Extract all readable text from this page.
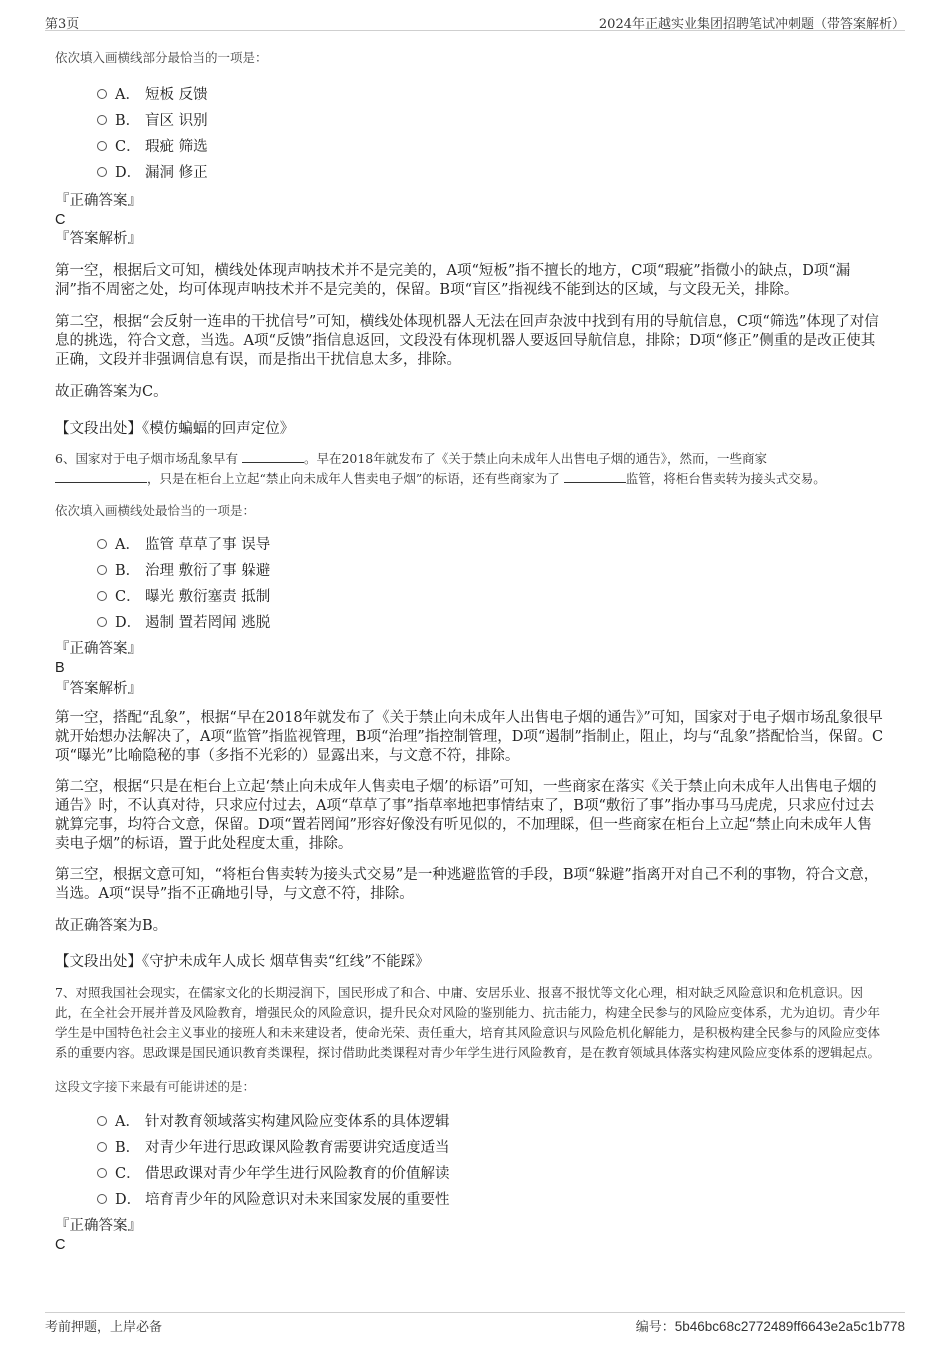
第3页	2024年正越实业集团招聘笔试冲刺题（带答案解析）

依次填入画横线部分最恰当的一项是：

A． 短板 反馈
B． 盲区 识别
C． 瑕疵 筛选
D． 漏洞 修正

『正确答案』

C

『答案解析』

第一空，根据后文可知，横线处体现声呐技术并不是完美的，A项“短板”指不擅长的地方，C项“瑕疵”指微小的缺点，D项“漏洞”指不周密之处，均可体现声呐技术并不是完美的，保留。B项“盲区”指视线不能到达的区域，与文段无关，排除。

第二空，根据“会反射一连串的干扰信号”可知，横线处体现机器人无法在回声杂波中找到有用的导航信息，C项“筛选”体现了对信息的挑选，符合文意，当选。A项“反馈”指信息返回，文段没有体现机器人要返回导航信息，排除；D项“修正”侧重的是改正使其正确，文段并非强调信息有误，而是指出干扰信息太多，排除。

故正确答案为C。

【文段出处】《模仿蝙蝠的回声定位》

6、国家对于电子烟市场乱象早有	。早在2018年就发布了《关于禁止向未成年人出售电子烟的通告》，然而，一些商家
，只是在柜台上立起“禁止向未成年人售卖电子烟”的标语，还有些商家为了	监管，将柜台售卖转为接头式交易。

依次填入画横线处最恰当的一项是：

A． 监管 草草了事 误导
B． 治理 敷衍了事 躲避
C． 曝光 敷衍塞责 抵制
D． 遏制 置若罔闻 逃脱

『正确答案』

B

『答案解析』

第一空，搭配“乱象”，根据“早在2018年就发布了《关于禁止向未成年人出售电子烟的通告》”可知，国家对于电子烟市场乱象很早就开始想办法解决了，A项“监管”指监视管理，B项“治理”指控制管理，D项“遏制”指制止，阻止，均与“乱象”搭配恰当，保留。C项“曝光”比喻隐秘的事（多指不光彩的）显露出来，与文意不符，排除。

第二空，根据“只是在柜台上立起‘禁止向未成年人售卖电子烟’的标语”可知，一些商家在落实《关于禁止向未成年人出售电子烟的通告》时，不认真对待，只求应付过去，A项“草草了事”指草率地把事情结束了，B项“敷衍了事”指办事马马虎虎，只求应付过去就算完事，均符合文意，保留。D项“置若罔闻”形容好像没有听见似的，不加理睬，但一些商家在柜台上立起“禁止向未成年人售卖电子烟”的标语，置于此处程度太重，排除。

第三空，根据文意可知，“将柜台售卖转为接头式交易”是一种逃避监管的手段，B项“躲避”指离开对自己不利的事物，符合文意，当选。A项“误导”指不正确地引导，与文意不符，排除。

故正确答案为B。

【文段出处】《守护未成年人成长 烟草售卖“红线”不能踩》

7、对照我国社会现实，在儒家文化的长期浸润下，国民形成了和合、中庸、安居乐业、报喜不报忧等文化心理，相对缺乏风险意识和危机意识。因此，在全社会开展并普及风险教育，增强民众的风险意识，提升民众对风险的鉴别能力、抗击能力，构建全民参与的风险应变体系，尤为迫切。青少年学生是中国特色社会主义事业的接班人和未来建设者，使命光荣、责任重大，培育其风险意识与风险危机化解能力，是积极构建全民参与的风险应变体系的重要内容。思政课是国民通识教育类课程，探讨借助此类课程对青少年学生进行风险教育，是在教育领域具体落实构建风险应变体系的逻辑起点。

这段文字接下来最有可能讲述的是：

A． 针对教育领域落实构建风险应变体系的具体逻辑
B． 对青少年进行思政课风险教育需要讲究适度适当
C． 借思政课对青少年学生进行风险教育的价值解读
D． 培育青少年的风险意识对未来国家发展的重要性

『正确答案』

C

考前押题，上岸必备	编号：5b46bc68c2772489ff6643e2a5c1b778
